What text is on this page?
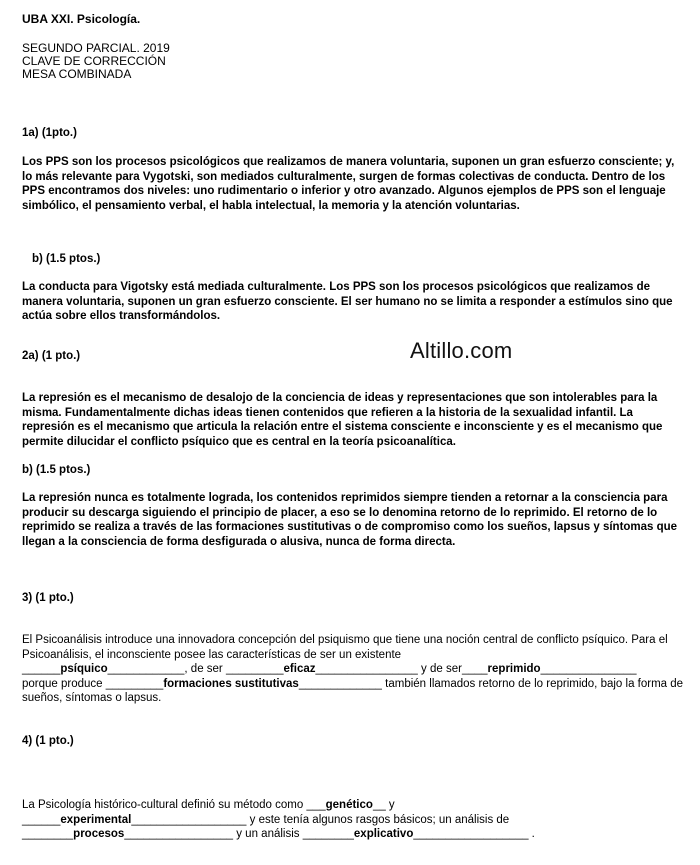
UBA XXI. Psicología.
SEGUNDO PARCIAL. 2019
CLAVE DE CORRECCIÓN
MESA COMBINADA
1a) (1pto.)
Los PPS son los procesos psicológicos que realizamos de manera voluntaria, suponen un gran esfuerzo consciente; y, lo más relevante para Vygotski, son mediados culturalmente, surgen de formas colectivas de conducta. Dentro de los PPS encontramos dos niveles: uno rudimentario o inferior y otro avanzado. Algunos ejemplos de PPS son el lenguaje simbólico, el pensamiento verbal, el habla intelectual, la memoria y la atención voluntarias.
b) (1.5 ptos.)
La conducta para Vigotsky está mediada culturalmente. Los PPS son los procesos psicológicos que realizamos de manera voluntaria, suponen un gran esfuerzo consciente. El ser humano no se limita a responder a estímulos sino que actúa sobre ellos transformándolos.
2a) (1 pto.)
La represión es el mecanismo de desalojo de la conciencia de ideas y representaciones que son intolerables para la misma. Fundamentalmente dichas ideas tienen contenidos que refieren a la historia de la sexualidad infantil. La represión es el mecanismo que articula la relación entre el sistema consciente e inconsciente y es el mecanismo que permite dilucidar el conflicto psíquico que es central en la teoría psicoanalítica.
b) (1.5 ptos.)
La represión nunca es totalmente lograda, los contenidos reprimidos siempre tienden a retornar a la consciencia para producir su descarga siguiendo el principio de placer, a eso se lo denomina retorno de lo reprimido. El retorno de lo reprimido se realiza a través de las formaciones sustitutivas o de compromiso como los sueños, lapsus y síntomas que llegan a la consciencia de forma desfigurada o alusiva, nunca de forma directa.
3) (1 pto.)
El Psicoanálisis introduce una innovadora concepción del psiquismo que tiene una noción central de conflicto psíquico. Para el Psicoanálisis, el inconsciente posee las características de ser un existente
______psíquico____________, de ser _________eficaz________________ y de ser____reprimido_______________
porque produce _________formaciones sustitutivas_____________ también llamados retorno de lo reprimido, bajo la forma de sueños, síntomas o lapsus.
4) (1 pto.)
La Psicología histórico-cultural definió su método como ___genético__ y
______experimental__________________ y este tenía algunos rasgos básicos; un análisis de
________procesos_________________ y un análisis ________explicativo__________________ .
Altillo.com
